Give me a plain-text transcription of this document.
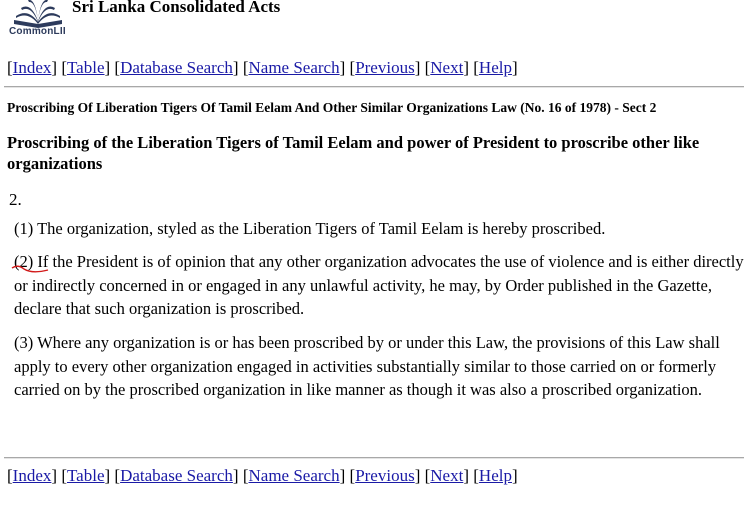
CommonLII
Sri Lanka Consolidated Acts
[Index] [Table] [Database Search] [Name Search] [Previous] [Next] [Help]
Proscribing Of Liberation Tigers Of Tamil Eelam And Other Similar Organizations Law (No. 16 of 1978) - Sect 2
Proscribing of the Liberation Tigers of Tamil Eelam and power of President to proscribe other like organizations
2.
(1) The organization, styled as the Liberation Tigers of Tamil Eelam is hereby proscribed.
(2) If the President is of opinion that any other organization advocates the use of violence and is either directly or indirectly concerned in or engaged in any unlawful activity, he may, by Order published in the Gazette, declare that such organization is proscribed.
(3) Where any organization is or has been proscribed by or under this Law, the provisions of this Law shall apply to every other organization engaged in activities substantially similar to those carried on or formerly carried on by the proscribed organization in like manner as though it was also a proscribed organization.
[Index] [Table] [Database Search] [Name Search] [Previous] [Next] [Help]
